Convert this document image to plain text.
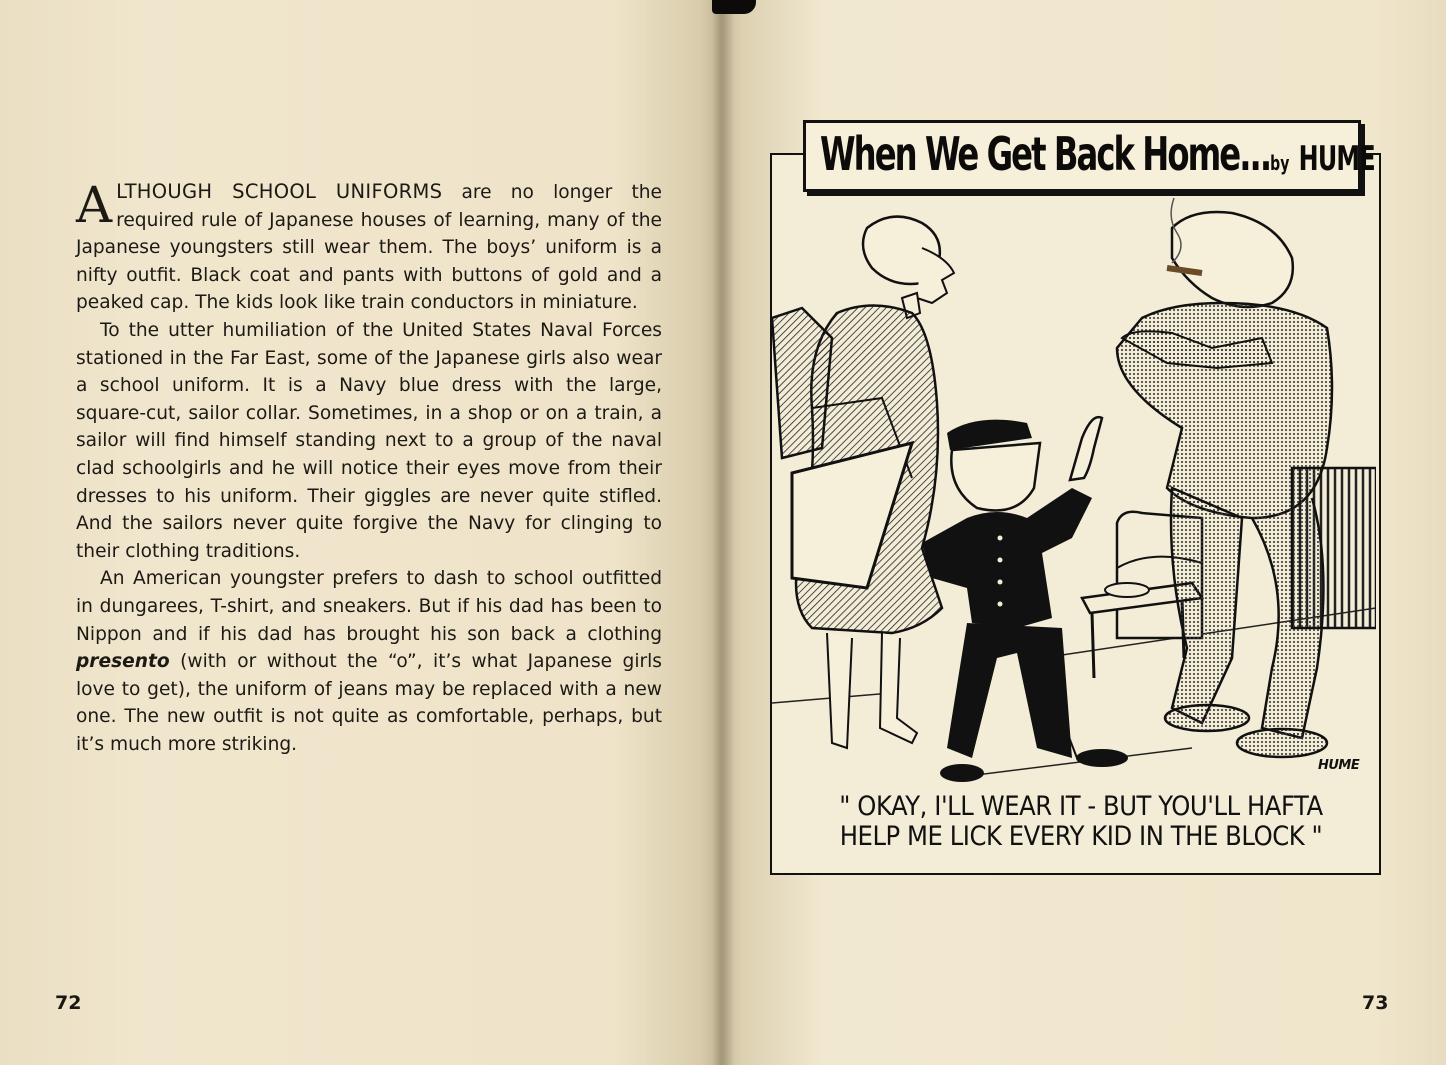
ALTHOUGH SCHOOL UNIFORMS are no longer the required rule of Japanese houses of learning, many of the Japanese youngsters still wear them. The boys’ uniform is a nifty outfit. Black coat and pants with buttons of gold and a peaked cap. The kids look like train conductors in miniature.

To the utter humiliation of the United States Naval Forces stationed in the Far East, some of the Japanese girls also wear a school uniform. It is a Navy blue dress with the large, square-cut, sailor collar. Sometimes, in a shop or on a train, a sailor will find himself standing next to a group of the naval clad schoolgirls and he will notice their eyes move from their dresses to his uniform. Their giggles are never quite stifled. And the sailors never quite forgive the Navy for clinging to their clothing traditions.

An American youngster prefers to dash to school outfitted in dungarees, T-shirt, and sneakers. But if his dad has been to Nippon and if his dad has brought his son back a clothing presento (with or without the “o”, it’s what Japanese girls love to get), the uniform of jeans may be replaced with a new one. The new outfit is not quite as comfortable, perhaps, but it’s much more striking.

72	73
When We Get Back Home...by HUME
HUME
" OKAY, I'LL WEAR IT - BUT YOU'LL HAFTA
HELP ME LICK EVERY KID IN THE BLOCK "
